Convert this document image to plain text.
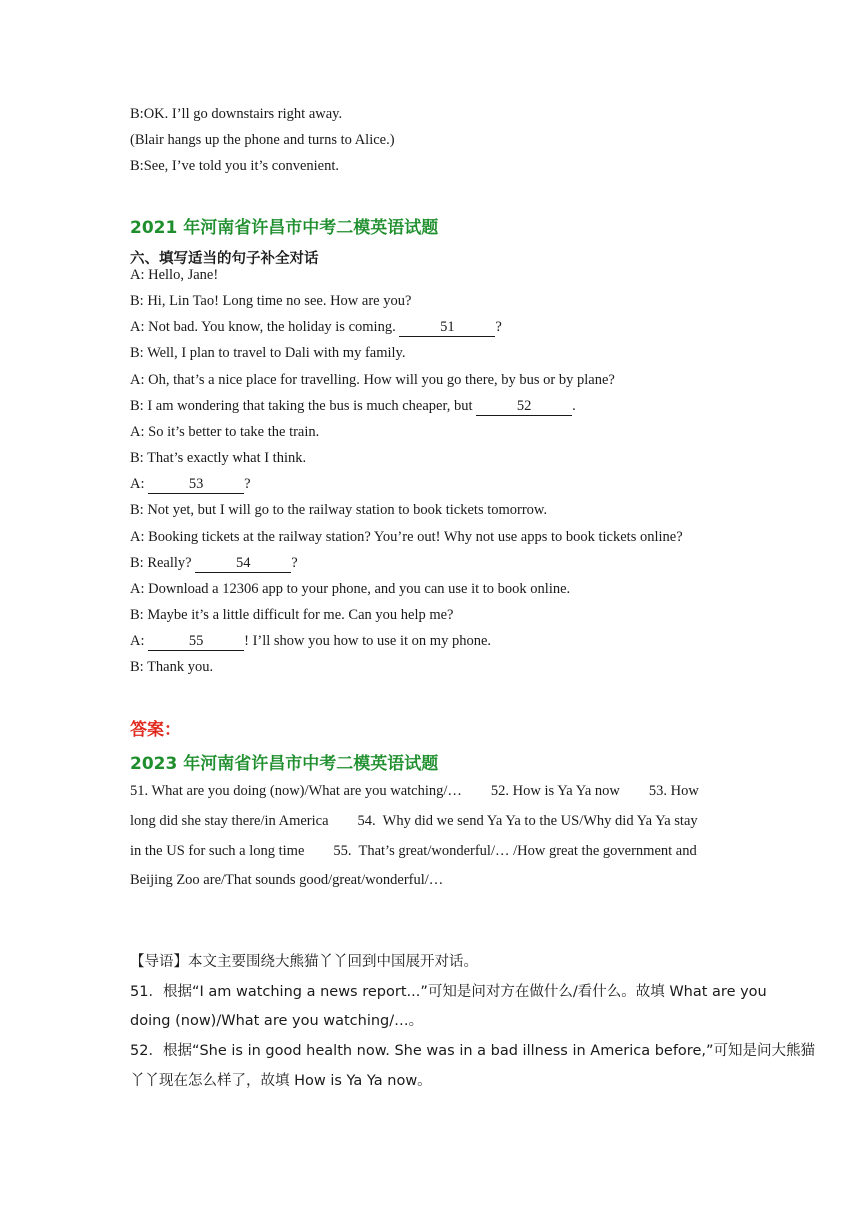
B:OK. I’ll go downstairs right away.
(Blair hangs up the phone and turns to Alice.)
B:See, I’ve told you it’s convenient.
2021 年河南省许昌市中考二模英语试题
六、填写适当的句子补全对话
A: Hello, Jane!
B: Hi, Lin Tao! Long time no see. How are you?
A: Not bad. You know, the holiday is coming.	51	?
B: Well, I plan to travel to Dali with my family.
A: Oh, that’s a nice place for travelling. How will you go there, by bus or by plane?
B: I am wondering that taking the bus is much cheaper, but	52	.
A: So it’s better to take the train.
B: That’s exactly what I think.
A:	53	?
B: Not yet, but I will go to the railway station to book tickets tomorrow.
A: Booking tickets at the railway station? You’re out! Why not use apps to book tickets online?
B: Really?	54	?
A: Download a 12306 app to your phone, and you can use it to book online.
B: Maybe it’s a little difficult for me. Can you help me?
A:	55	! I’ll show you how to use it on my phone.
B: Thank you.
答案：
2023 年河南省许昌市中考二模英语试题
51. What are you doing (now)/What are you watching/…        52. How is Ya Ya now        53. How
long did she stay there/in America        54.  Why did we send Ya Ya to the US/Why did Ya Ya stay
in the US for such a long time        55.  That’s great/wonderful/… /How great the government and
Beijing Zoo are/That sounds good/great/wonderful/…
【导语】本文主要围绕大熊猫丫丫回到中国展开对话。
51．根据“I am watching a news report...”可知是问对方在做什么/看什么。故填 What are you
doing (now)/What are you watching/…。
52．根据“She is in good health now. She was in a bad illness in America before,”可知是问大熊猫
丫丫现在怎么样了，故填 How is Ya Ya now。
